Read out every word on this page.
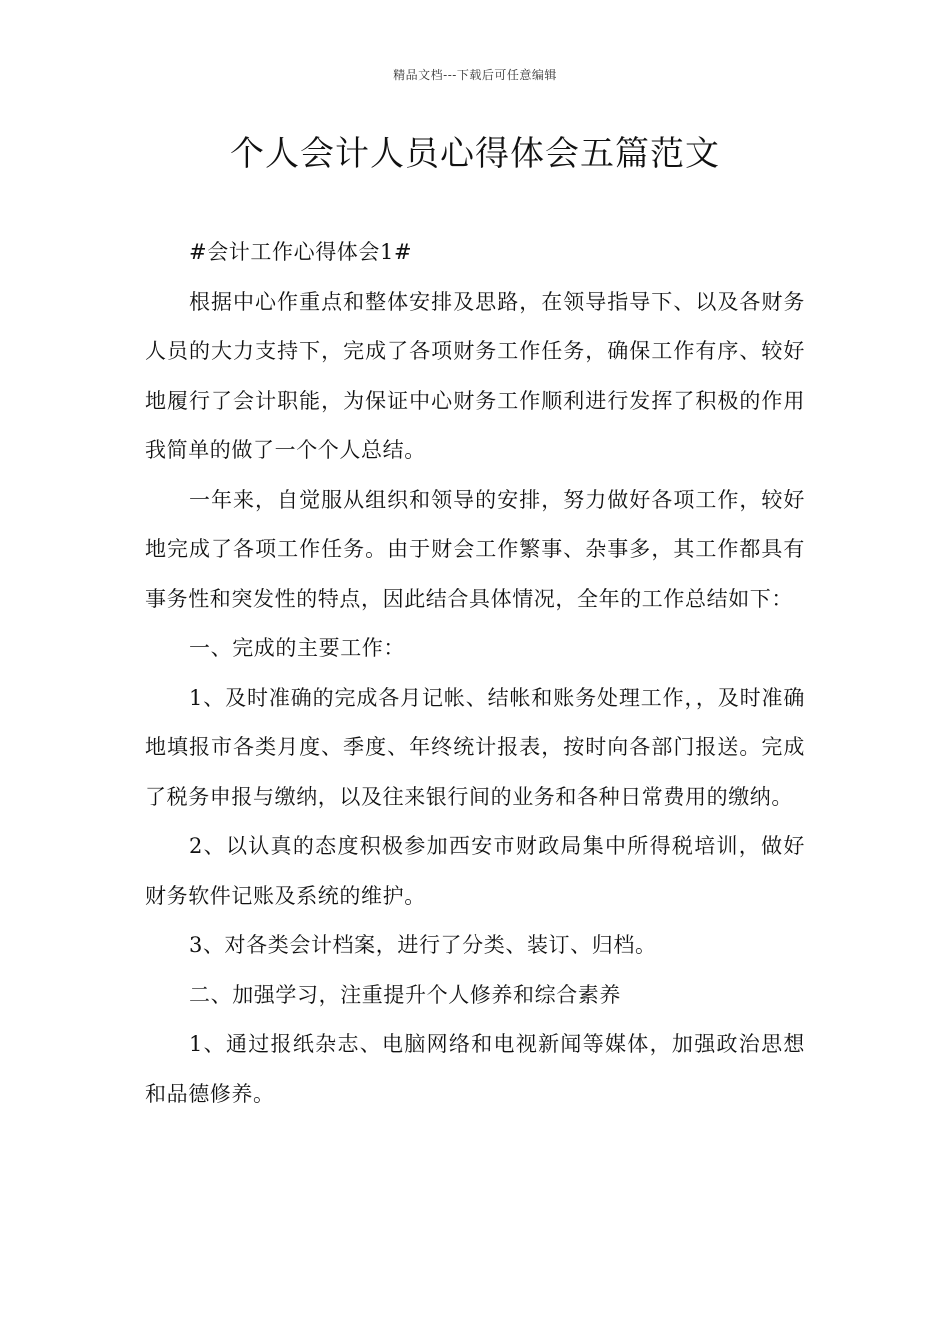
精品文档---下载后可任意编辑
个人会计人员心得体会五篇范文

#会计工作心得体会1#

根据中心作重点和整体安排及思路，在领导指导下、以及各财务人员的大力支持下，完成了各项财务工作任务，确保工作有序、较好地履行了会计职能，为保证中心财务工作顺利进行发挥了积极的作用我简单的做了一个个人总结。

一年来，自觉服从组织和领导的安排，努力做好各项工作，较好地完成了各项工作任务。由于财会工作繁事、杂事多，其工作都具有事务性和突发性的特点，因此结合具体情况，全年的工作总结如下：

一、完成的主要工作：

1、及时准确的完成各月记帐、结帐和账务处理工作，，及时准确地填报市各类月度、季度、年终统计报表，按时向各部门报送。完成了税务申报与缴纳，以及往来银行间的业务和各种日常费用的缴纳。

2、以认真的态度积极参加西安市财政局集中所得税培训，做好财务软件记账及系统的维护。

3、对各类会计档案，进行了分类、装订、归档。

二、加强学习，注重提升个人修养和综合素养

1、通过报纸杂志、电脑网络和电视新闻等媒体，加强政治思想和品德修养。
